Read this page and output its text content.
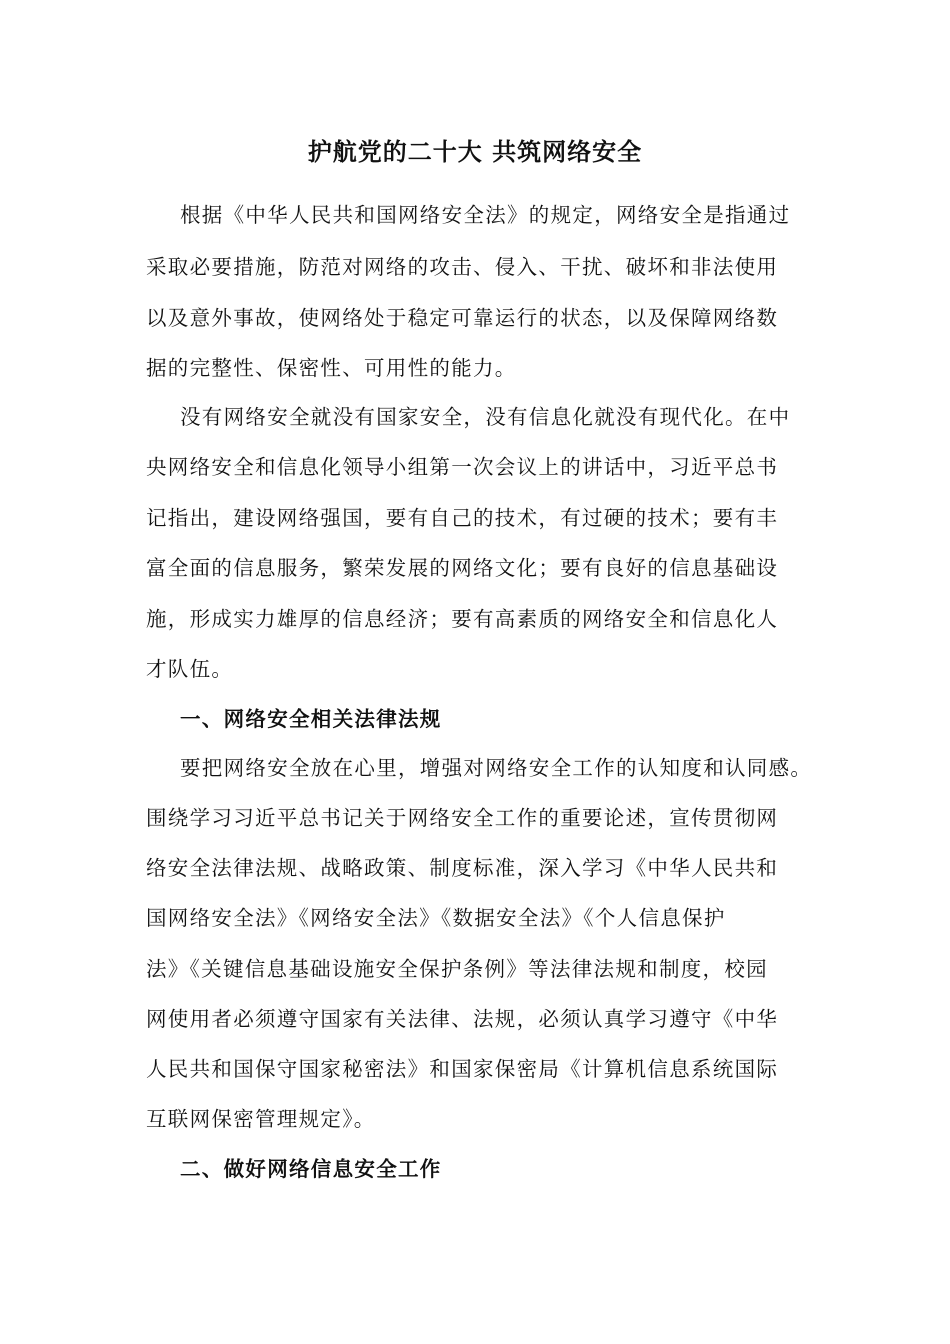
护航党的二十大 共筑网络安全
根据《中华人民共和国网络安全法》的规定，网络安全是指通过
采取必要措施，防范对网络的攻击、侵入、干扰、破坏和非法使用
以及意外事故，使网络处于稳定可靠运行的状态，以及保障网络数
据的完整性、保密性、可用性的能力。
没有网络安全就没有国家安全，没有信息化就没有现代化。在中
央网络安全和信息化领导小组第一次会议上的讲话中，习近平总书
记指出，建设网络强国，要有自己的技术，有过硬的技术；要有丰
富全面的信息服务，繁荣发展的网络文化；要有良好的信息基础设
施，形成实力雄厚的信息经济；要有高素质的网络安全和信息化人
才队伍。
一、网络安全相关法律法规
要把网络安全放在心里，增强对网络安全工作的认知度和认同感。
围绕学习习近平总书记关于网络安全工作的重要论述，宣传贯彻网
络安全法律法规、战略政策、制度标准，深入学习《中华人民共和
国网络安全法》《网络安全法》《数据安全法》《个人信息保护
法》《关键信息基础设施安全保护条例》等法律法规和制度，校园
网使用者必须遵守国家有关法律、法规，必须认真学习遵守《中华
人民共和国保守国家秘密法》和国家保密局《计算机信息系统国际
互联网保密管理规定》。
二、做好网络信息安全工作
